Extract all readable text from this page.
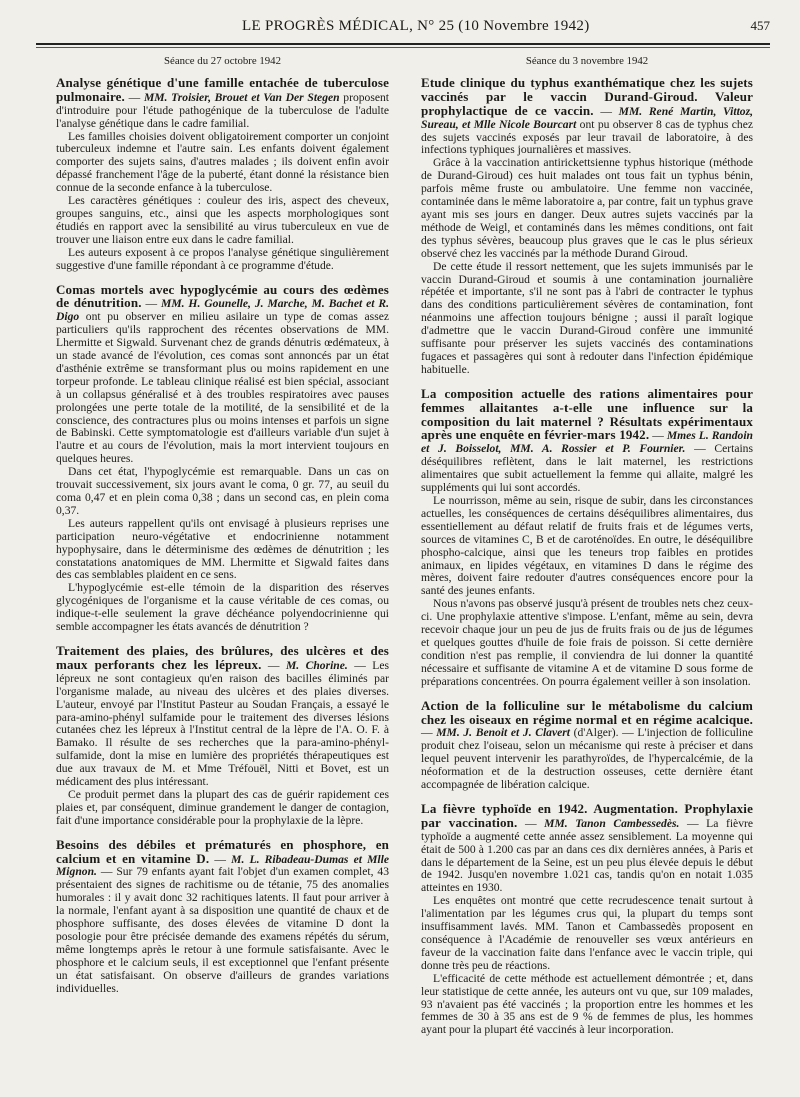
LE PROGRÈS MÉDICAL, N° 25 (10 Novembre 1942)	457
Séance du 27 octobre 1942

Analyse génétique d'une famille entachée de tuberculose pulmonaire. — MM. Troisier, Brouet et Van Der Stegen proposent d'introduire pour l'étude pathogénique de la tuberculose de l'adulte l'analyse génétique dans le cadre familial.

Les familles choisies doivent obligatoirement comporter un conjoint tuberculeux indemne et l'autre sain. Les enfants doivent également comporter des sujets sains, d'autres malades ; ils doivent enfin avoir dépassé franchement l'âge de la puberté, étant donné la résistance bien connue de la seconde enfance à la tuberculose.

Les caractères génétiques : couleur des iris, aspect des cheveux, groupes sanguins, etc., ainsi que les aspects morphologiques sont étudiés en rapport avec la sensibilité au virus tuberculeux en vue de trouver une liaison entre eux dans le cadre familial.

Les auteurs exposent à ce propos l'analyse génétique singulièrement suggestive d'une famille répondant à ce programme d'étude.

Comas mortels avec hypoglycémie au cours des œdèmes de dénutrition. — MM. H. Gounelle, J. Marche, M. Bachet et R. Digo ont pu observer en milieu asilaire un type de comas assez particuliers qu'ils rapprochent des récentes observations de MM. Lhermitte et Sigwald. Survenant chez de grands dénutris œdémateux, à un stade avancé de l'évolution, ces comas sont annoncés par un état d'asthénie extrême se transformant plus ou moins rapidement en une torpeur profonde. Le tableau clinique réalisé est bien spécial, associant à un collapsus généralisé et à des troubles respiratoires avec pauses prolongées une perte totale de la motilité, de la sensibilité et de la conscience, des contractures plus ou moins intenses et parfois un signe de Babinski. Cette symptomatologie est d'ailleurs variable d'un sujet à l'autre et au cours de l'évolution, mais la mort intervient toujours en quelques heures.

Dans cet état, l'hypoglycémie est remarquable. Dans un cas on trouvait successivement, six jours avant le coma, 0 gr. 77, au seuil du coma 0,47 et en plein coma 0,38 ; dans un second cas, en plein coma 0,37.

Les auteurs rappellent qu'ils ont envisagé à plusieurs reprises une participation neuro-végétative et endocrinienne notamment hypophysaire, dans le déterminisme des œdèmes de dénutrition ; les constatations anatomiques de MM. Lhermitte et Sigwald faites dans des cas semblables plaident en ce sens.

L'hypoglycémie est-elle témoin de la disparition des réserves glycogéniques de l'organisme et la cause véritable de ces comas, ou indique-t-elle seulement la grave déchéance polyendocrinienne qui semble accompagner les états avancés de dénutrition ?

Traitement des plaies, des brûlures, des ulcères et des maux perforants chez les lépreux. — M. Chorine. — Les lépreux ne sont contagieux qu'en raison des bacilles éliminés par l'organisme malade, au niveau des ulcères et des plaies diverses. L'auteur, envoyé par l'Institut Pasteur au Soudan Français, a essayé le para-amino-phényl sulfamide pour le traitement des diverses lésions cutanées chez les lépreux à l'Institut central de la lèpre de l'A. O. F. à Bamako. Il résulte de ses recherches que la para-amino-phényl-sulfamide, dont la mise en lumière des propriétés thérapeutiques est due aux travaux de M. et Mme Tréfouël, Nitti et Bovet, est un médicament des plus intéressant.

Ce produit permet dans la plupart des cas de guérir rapidement ces plaies et, par conséquent, diminue grandement le danger de contagion, fait d'une importance considérable pour la prophylaxie de la lèpre.

Besoins des débiles et prématurés en phosphore, en calcium et en vitamine D. — M. L. Ribadeau-Dumas et Mlle Mignon. — Sur 79 enfants ayant fait l'objet d'un examen complet, 43 présentaient des signes de rachitisme ou de tétanie, 75 des anomalies humorales : il y avait donc 32 rachitiques latents. Il faut pour arriver à la normale, l'enfant ayant à sa disposition une quantité de chaux et de phosphore suffisante, des doses élevées de vitamine D dont la posologie pour être précisée demande des examens répétés du sérum, même longtemps après le retour à une formule satisfaisante. Avec le phosphore et le calcium seuls, il est exceptionnel que l'enfant présente un état satisfaisant. On observe d'ailleurs de grandes variations individuelles.

Séance du 3 novembre 1942

Etude clinique du typhus exanthématique chez les sujets vaccinés par le vaccin Durand-Giroud. Valeur prophylactique de ce vaccin. — MM. René Martin, Vittoz, Sureau, et Mlle Nicole Bourcart ont pu observer 8 cas de typhus chez des sujets vaccinés exposés par leur travail de laboratoire, à des infections typhiques journalières et massives.

Grâce à la vaccination antirickettsienne typhus historique (méthode de Durand-Giroud) ces huit malades ont tous fait un typhus bénin, parfois même fruste ou ambulatoire. Une femme non vaccinée, contaminée dans le même laboratoire a, par contre, fait un typhus grave ayant mis ses jours en danger. Deux autres sujets vaccinés par la méthode de Weigl, et contaminés dans les mêmes conditions, ont fait des typhus sévères, beaucoup plus graves que le cas le plus sérieux observé chez les vaccinés par la méthode Durand Giroud.

De cette étude il ressort nettement, que les sujets immunisés par le vaccin Durand-Giroud et soumis à une contamination journalière répétée et importante, s'il ne sont pas à l'abri de contracter le typhus dans des conditions particulièrement sévères de contamination, font néanmoins une affection toujours bénigne ; aussi il paraît logique d'admettre que le vaccin Durand-Giroud confère une immunité suffisante pour préserver les sujets vaccinés des contaminations fugaces et passagères qui sont à redouter dans l'infection épidémique habituelle.

La composition actuelle des rations alimentaires pour femmes allaitantes a-t-elle une influence sur la composition du lait maternel ? Résultats expérimentaux après une enquête en février-mars 1942. — Mmes L. Randoin et J. Boisselot, MM. A. Rossier et P. Fournier. — Certains déséquilibres reflètent, dans le lait maternel, les restrictions alimentaires que subit actuellement la femme qui allaite, malgré les suppléments qui lui sont accordés.

Le nourrisson, même au sein, risque de subir, dans les circonstances actuelles, les conséquences de certains déséquilibres alimentaires, dus essentiellement au défaut relatif de fruits frais et de légumes verts, sources de vitamines C, B et de caroténoïdes. En outre, le déséquilibre phospho-calcique, ainsi que les teneurs trop faibles en protides animaux, en lipides végétaux, en vitamines D dans le régime des mères, doivent faire redouter d'autres conséquences encore pour la santé des jeunes enfants.

Nous n'avons pas observé jusqu'à présent de troubles nets chez ceux-ci. Une prophylaxie attentive s'impose. L'enfant, même au sein, devra recevoir chaque jour un peu de jus de fruits frais ou de jus de légumes et quelques gouttes d'huile de foie frais de poisson. Si cette dernière condition n'est pas remplie, il conviendra de lui donner la quantité nécessaire et suffisante de vitamine A et de vitamine D sous forme de préparations concentrées. On pourra également veiller à son insolation.

Action de la folliculine sur le métabolisme du calcium chez les oiseaux en régime normal et en régime acalcique. — MM. J. Benoit et J. Clavert (d'Alger). — L'injection de folliculine produit chez l'oiseau, selon un mécanisme qui reste à préciser et dans lequel peuvent intervenir les parathyroïdes, de l'hypercalcémie, de la néoformation et de la destruction osseuses, cette dernière étant accompagnée de libération calcique.

La fièvre typhoïde en 1942. Augmentation. Prophylaxie par vaccination. — MM. Tanon Cambessedès. — La fièvre typhoïde a augmenté cette année assez sensiblement. La moyenne qui était de 500 à 1.200 cas par an dans ces dix dernières années, à Paris et dans le département de la Seine, est un peu plus élevée depuis le début de 1942. Jusqu'en novembre 1.021 cas, tandis qu'on en notait 1.035 atteintes en 1930.

Les enquêtes ont montré que cette recrudescence tenait surtout à l'alimentation par les légumes crus qui, la plupart du temps sont insuffisamment lavés. MM. Tanon et Cambassedès proposent en conséquence à l'Académie de renouveller ses vœux antérieurs en faveur de la vaccination faite dans l'enfance avec le vaccin triple, qui donne très peu de réactions.

L'efficacité de cette méthode est actuellement démontrée ; et, dans leur statistique de cette année, les auteurs ont vu que, sur 109 malades, 93 n'avaient pas été vaccinés ; la proportion entre les hommes et les femmes de 30 à 35 ans est de 9 % de femmes de plus, les hommes ayant pour la plupart été vaccinés à leur incorporation.
